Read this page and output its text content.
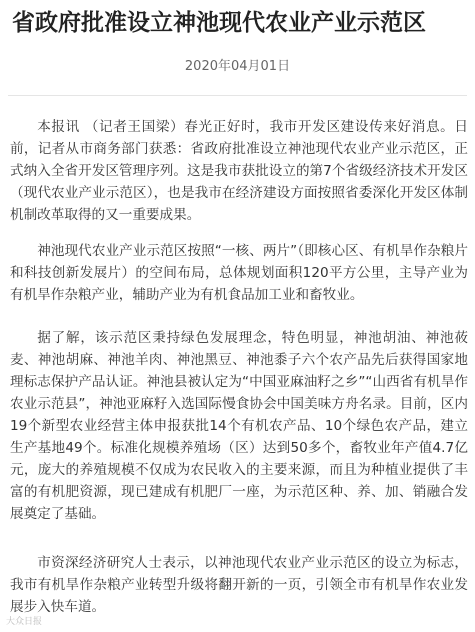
省政府批准设立神池现代农业产业示范区
2020年04月01日

本报讯 （记者王国梁）春光正好时，我市开发区建设传来好消息。日前，记者从市商务部门获悉：省政府批准设立神池现代农业产业示范区，正式纳入全省开发区管理序列。这是我市获批设立的第7个省级经济技术开发区（现代农业产业示范区），也是我市在经济建设方面按照省委深化开发区体制机制改革取得的又一重要成果。

神池现代农业产业示范区按照“一核、两片”（即核心区、有机旱作杂粮片和科技创新发展片）的空间布局，总体规划面积120平方公里，主导产业为有机旱作杂粮产业，辅助产业为有机食品加工业和畜牧业。

据了解，该示范区秉持绿色发展理念，特色明显，神池胡油、神池莜麦、神池胡麻、神池羊肉、神池黑豆、神池黍子六个农产品先后获得国家地理标志保护产品认证。神池县被认定为“中国亚麻油籽之乡”“山西省有机旱作农业示范县”，神池亚麻籽入选国际慢食协会中国美味方舟名录。目前，区内19个新型农业经营主体申报获批14个有机农产品、10个绿色农产品，建立生产基地49个。标准化规模养殖场（区）达到50多个，畜牧业年产值4.7亿元，庞大的养殖规模不仅成为农民收入的主要来源，而且为种植业提供了丰富的有机肥资源，现已建成有机肥厂一座，为示范区种、养、加、销融合发展奠定了基础。

市资深经济研究人士表示，以神池现代农业产业示范区的设立为标志，我市有机旱作杂粮产业转型升级将翻开新的一页，引领全市有机旱作农业发展步入快车道。

大众日报
